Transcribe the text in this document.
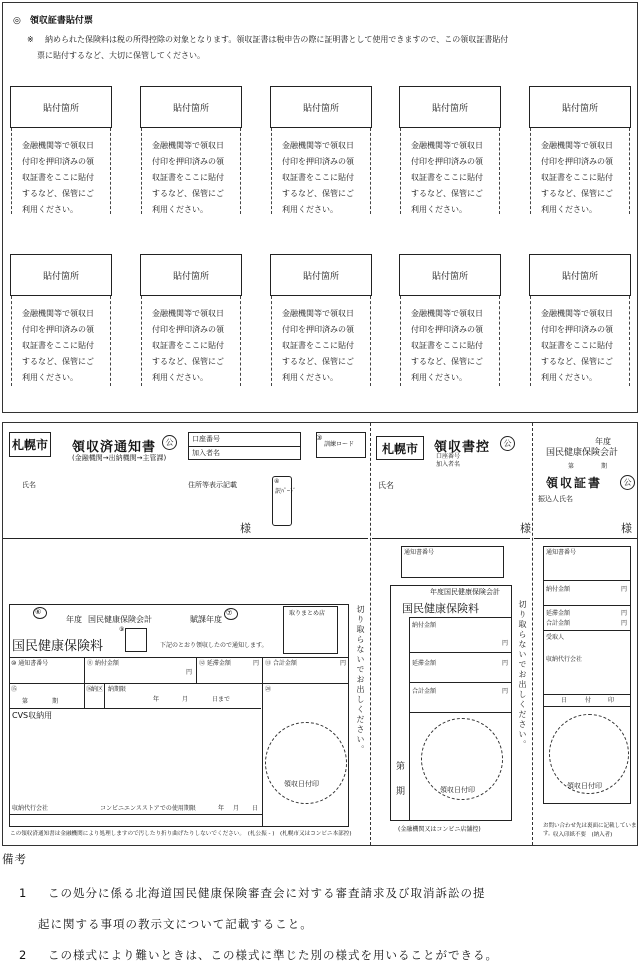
◎　領収証書貼付票
※ 納められた保険料は税の所得控除の対象となります。領収証書は税申告の際に証明書として使用できますので、この領収証書貼付
票に貼付するなど、大切に保管してください。
貼付箇所
金融機関等で領収日
付印を押印済みの領
収証書をここに貼付
するなど、保管にご
利用ください。
貼付箇所
金融機関等で領収日
付印を押印済みの領
収証書をここに貼付
するなど、保管にご
利用ください。
貼付箇所
金融機関等で領収日
付印を押印済みの領
収証書をここに貼付
するなど、保管にご
利用ください。
貼付箇所
金融機関等で領収日
付印を押印済みの領
収証書をここに貼付
するなど、保管にご
利用ください。
貼付箇所
金融機関等で領収日
付印を押印済みの領
収証書をここに貼付
するなど、保管にご
利用ください。
貼付箇所
金融機関等で領収日
付印を押印済みの領
収証書をここに貼付
するなど、保管にご
利用ください。
貼付箇所
金融機関等で領収日
付印を押印済みの領
収証書をここに貼付
するなど、保管にご
利用ください。
貼付箇所
金融機関等で領収日
付印を押印済みの領
収証書をここに貼付
するなど、保管にご
利用ください。
貼付箇所
金融機関等で領収日
付印を押印済みの領
収証書をここに貼付
するなど、保管にご
利用ください。
貼付箇所
金融機関等で領収日
付印を押印済みの領
収証書をここに貼付
するなど、保管にご
利用ください。
札幌市 領収済通知書	公
(金融機関→出納機関→主管課)
口座番号
加入者名
③
訓練ロード
氏名	住所等表示記載	④
訳ﾊﾟｰﾄﾞ
様
⑥
年度 国民健康保険会計	賦課年度
⑦	取りまとめ店
国民健康保険料
⑨
下記のとおり領収したので通知します。
⑩ 通知書番号	⑪ 納付金額
円
⑫ 延滞金額	円 ⑬ 合計金額	円
⑮
第	期
⑯
納区 納期限
年	月	日まで
⑳
CVS収納用
領収日付印
収納代行会社	コンビニエンスストアでの使用期限	年 月 日
この領収済通知書は金融機関により処理しますので汚したり折り曲げたりしないでください。　(札公振 - )　(札幌市又はコンビニ本部控)
切り取らないでお出しください。	切り取らないでお出しください。
札幌市	領収書控	公
口座番号
加入者名
氏名
様
通知書番号
年度国民健康保険会計
国民健康保険料
納付金額
円
延滞金額	円
合計金額	円
第
期	領収日付印
(金融機関又はコンビニ店舗控)
年度
国民健康保険会計
第	期
領収証書	公
振込人氏名
様
通知書番号
納付金額	円
延滞金額	円
合計金額	円
受取人
収納代行会社
日	付	印
領収日付印
お問い合わせ先は裏面に記載しています。 収入印紙不要　(納入者)
備考
1 この処分に係る北海道国民健康保険審査会に対する審査請求及び取消訴訟の提
起に関する事項の教示文について記載すること。
2 この様式により難いときは、この様式に準じた別の様式を用いることができる。
